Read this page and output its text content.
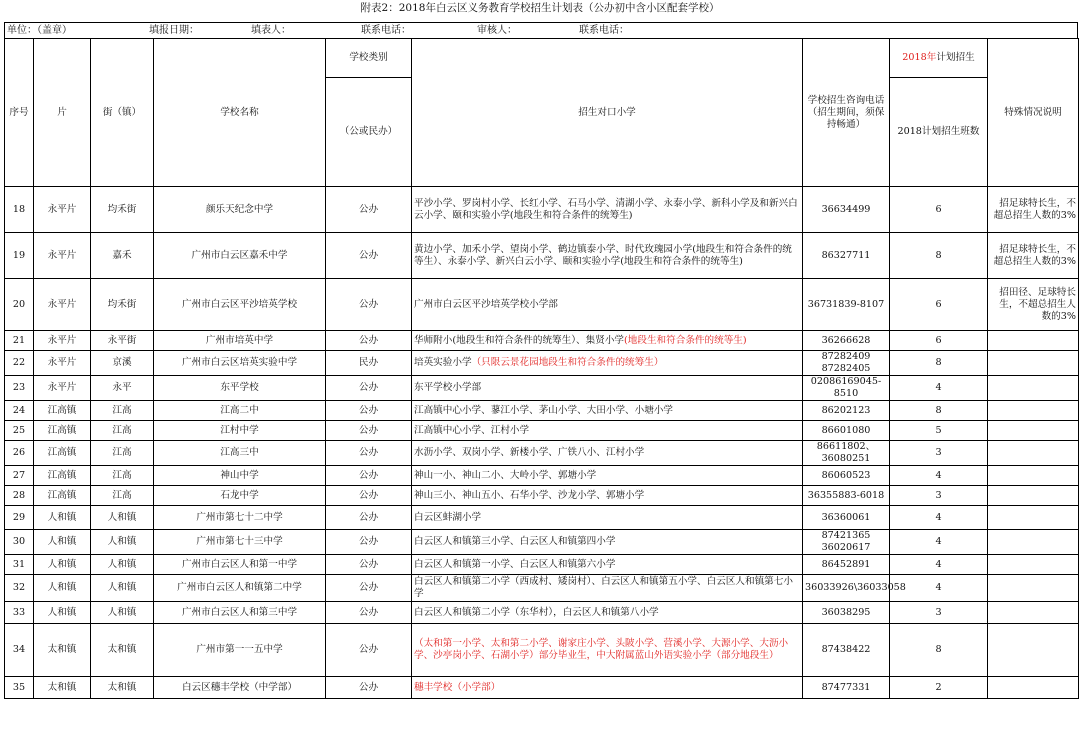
附表2：2018年白云区义务教育学校招生计划表（公办初中含小区配套学校）
单位：（盖章）	填报日期：	填表人：	联系电话：	审核人：	联系电话：
序号	片	街（镇）	学校名称	学校类别	招生对口小学	学校招生咨询电话（招生期间，须保持畅通）	2018年计划招生	特殊情况说明
				（公或民办）			2018计划招生班数	
18	永平片	均禾街	颜乐天纪念中学	公办	平沙小学、罗岗村小学、长红小学、石马小学、清湖小学、永泰小学、新科小学及和新兴白云小学、颐和实验小学(地段生和符合条件的统筹生)	36634499	6	招足球特长生，不超总招生人数的3%
19	永平片	嘉禾	广州市白云区嘉禾中学	公办	黄边小学、加禾小学、望岗小学、鹤边镇泰小学、时代玫瑰园小学(地段生和符合条件的统等生）、永泰小学、新兴白云小学、颐和实验小学(地段生和符合条件的统等生)	86327711	8	招足球特长生，不超总招生人数的3%
20	永平片	均禾街	广州市白云区平沙培英学校	公办	广州市白云区平沙培英学校小学部	36731839-8107	6	招田径、足球特长生，不超总招生人数的3%
21	永平片	永平街	广州市培英中学	公办	华师附小(地段生和符合条件的统筹生）、集贤小学(地段生和符合条件的统等生)	36266628	6	
22	永平片	京溪	广州市白云区培英实验中学	民办	培英实验小学（只限云景花园地段生和符合条件的统筹生）	87282409
87282405	8	
23	永平片	永平	东平学校	公办	东平学校小学部	02086169045-8510	4	
24	江高镇	江高	江高二中	公办	江高镇中心小学、蓼江小学、茅山小学、大田小学、小塘小学	86202123	8	
25	江高镇	江高	江村中学	公办	江高镇中心小学、江村小学	86601080	5	
26	江高镇	江高	江高三中	公办	水沥小学、双岗小学、新楼小学、广铁八小、江村小学	86611802、
36080251	3	
27	江高镇	江高	神山中学	公办	神山一小、神山二小、大岭小学、郭塘小学	86060523	4	
28	江高镇	江高	石龙中学	公办	神山三小、神山五小、石华小学、沙龙小学、郭塘小学	36355883-6018	3	
29	人和镇	人和镇	广州市第七十二中学	公办	白云区蚌湖小学	36360061	4	
30	人和镇	人和镇	广州市第七十三中学	公办	白云区人和镇第三小学、白云区人和镇第四小学	87421365
36020617	4	
31	人和镇	人和镇	广州市白云区人和第一中学	公办	白云区人和镇第一小学、白云区人和镇第六小学	86452891	4	
32	人和镇	人和镇	广州市白云区人和镇第二中学	公办	白云区人和镇第二小学（西成村、矮岗村）、白云区人和镇第五小学、白云区人和镇第七小学	36033926\36033058	4	
33	人和镇	人和镇	广州市白云区人和第三中学	公办	白云区人和镇第二小学（东华村），白云区人和镇第八小学	36038295	3	
34	太和镇	太和镇	广州市第一一五中学	公办	（太和第一小学、太和第二小学、谢家庄小学、头陂小学、营溪小学、大源小学、大沥小学、沙亭岗小学、石湖小学）部分毕业生，中大附属蓝山外语实验小学（部分地段生）	87438422	8	
35	太和镇	太和镇	白云区穗丰学校（中学部）	公办	穗丰学校（小学部）	87477331	2	
